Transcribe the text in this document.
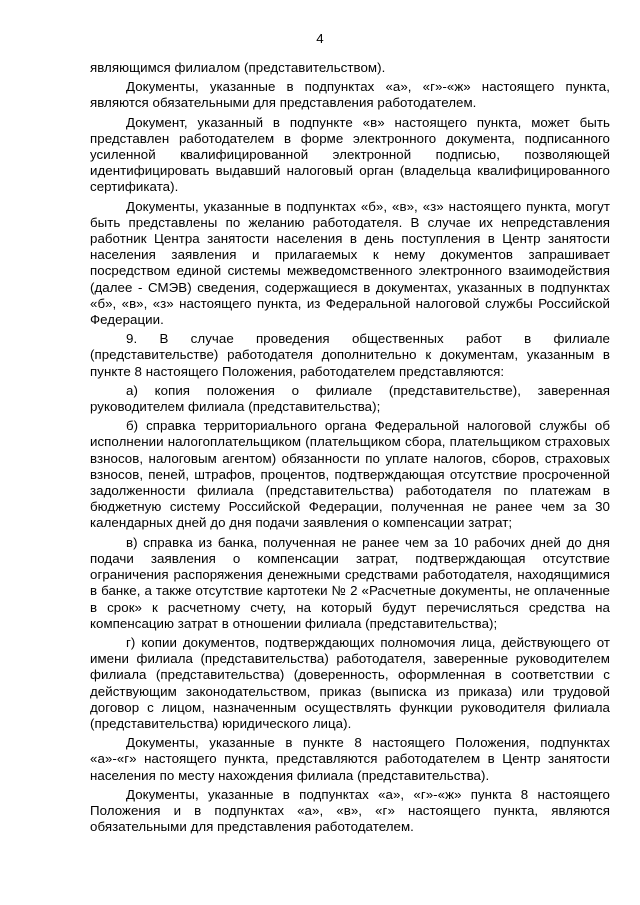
4

являющимся филиалом (представительством).

Документы, указанные в подпунктах «а», «г»-«ж» настоящего пункта, являются обязательными для представления работодателем.

Документ, указанный в подпункте «в» настоящего пункта, может быть представлен работодателем в форме электронного документа, подписанного усиленной квалифицированной электронной подписью, позволяющей идентифицировать выдавший налоговый орган (владельца квалифицированного сертификата).

Документы, указанные в подпунктах «б», «в», «з» настоящего пункта, могут быть представлены по желанию работодателя. В случае их непредставления работник Центра занятости населения в день поступления в Центр занятости населения заявления и прилагаемых к нему документов запрашивает посредством единой системы межведомственного электронного взаимодействия (далее - СМЭВ) сведения, содержащиеся в документах, указанных в подпунктах «б», «в», «з» настоящего пункта, из Федеральной налоговой службы Российской Федерации.

9. В случае проведения общественных работ в филиале (представительстве) работодателя дополнительно к документам, указанным в пункте 8 настоящего Положения, работодателем представляются:

а) копия положения о филиале (представительстве), заверенная руководителем филиала (представительства);

б) справка территориального органа Федеральной налоговой службы об исполнении налогоплательщиком (плательщиком сбора, плательщиком страховых взносов, налоговым агентом) обязанности по уплате налогов, сборов, страховых взносов, пеней, штрафов, процентов, подтверждающая отсутствие просроченной задолженности филиала (представительства) работодателя по платежам в бюджетную систему Российской Федерации, полученная не ранее чем за 30 календарных дней до дня подачи заявления о компенсации затрат;

в) справка из банка, полученная не ранее чем за 10 рабочих дней до дня подачи заявления о компенсации затрат, подтверждающая отсутствие ограничения распоряжения денежными средствами работодателя, находящимися в банке, а также отсутствие картотеки № 2 «Расчетные документы, не оплаченные в срок» к расчетному счету, на который будут перечисляться средства на компенсацию затрат в отношении филиала (представительства);

г) копии документов, подтверждающих полномочия лица, действующего от имени филиала (представительства) работодателя, заверенные руководителем филиала (представительства) (доверенность, оформленная в соответствии с действующим законодательством, приказ (выписка из приказа) или трудовой договор с лицом, назначенным осуществлять функции руководителя филиала (представительства) юридического лица).

Документы, указанные в пункте 8 настоящего Положения, подпунктах «а»-«г» настоящего пункта, представляются работодателем в Центр занятости населения по месту нахождения филиала (представительства).

Документы, указанные в подпунктах «а», «г»-«ж» пункта 8 настоящего Положения и в подпунктах «а», «в», «г» настоящего пункта, являются обязательными для представления работодателем.
